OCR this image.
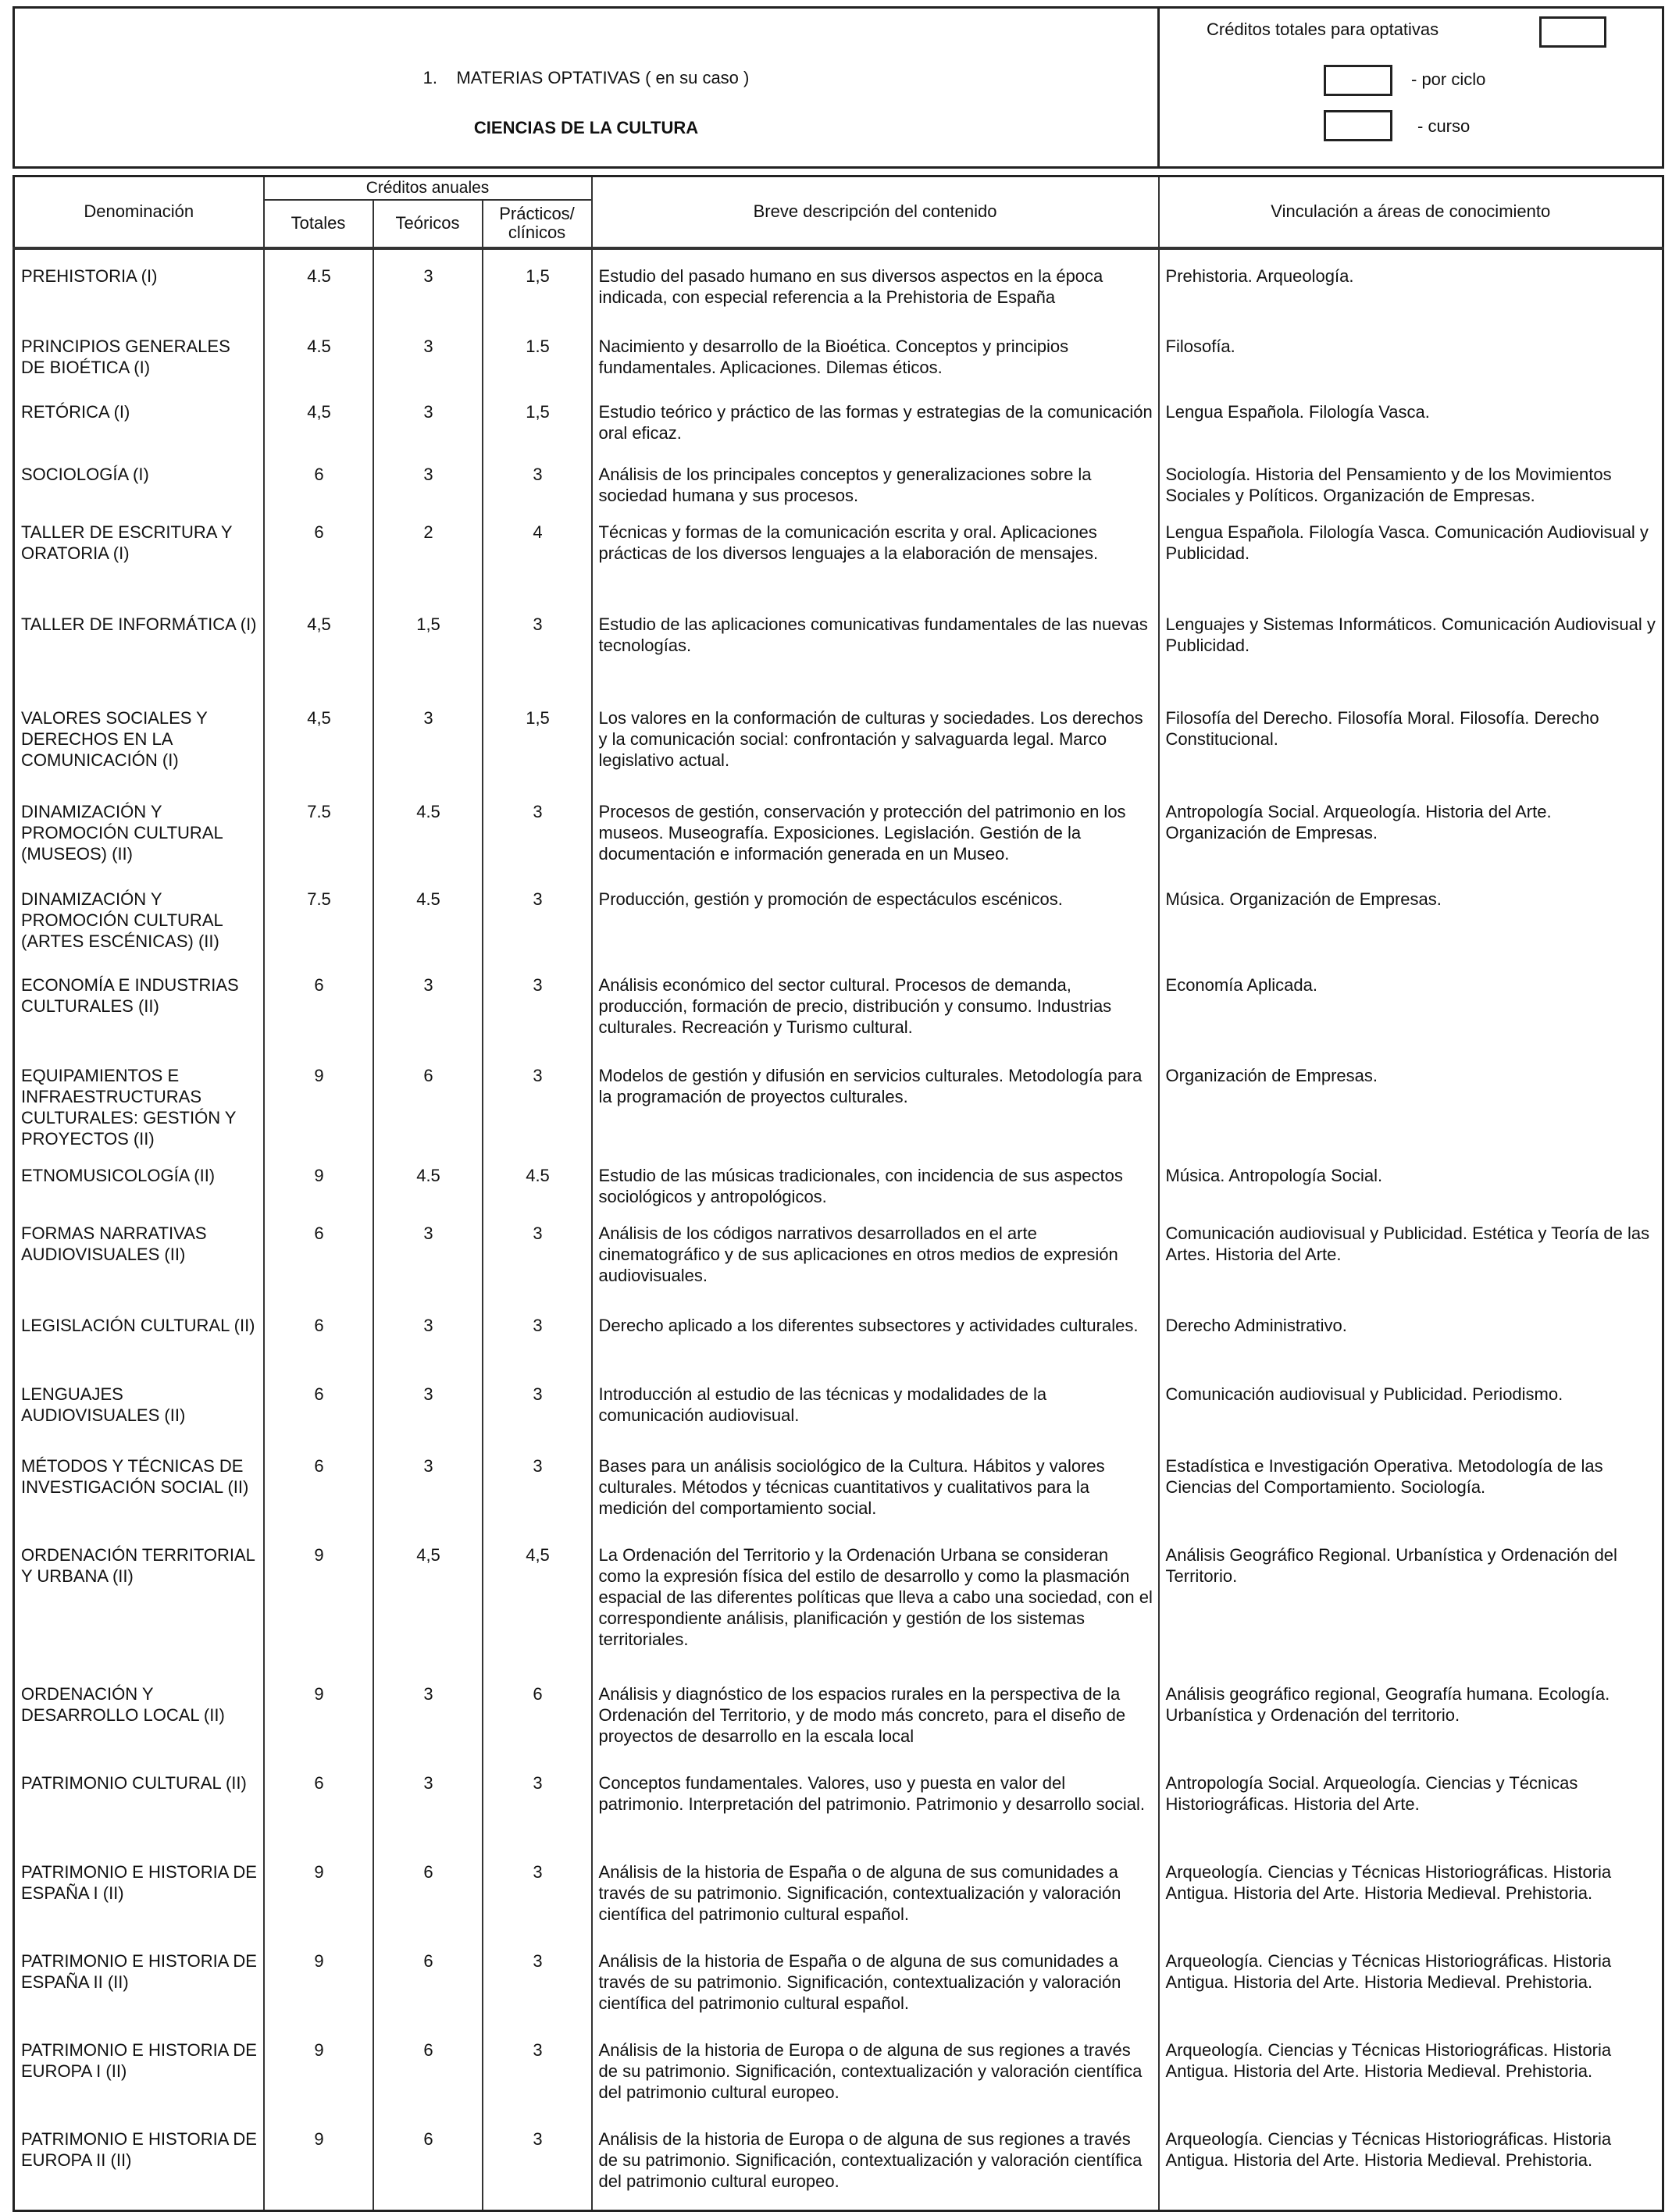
1. MATERIAS OPTATIVAS ( en su caso )
CIENCIAS DE LA CULTURA

Créditos totales para optativas
- por ciclo
- curso
Denominación	Créditos anuales			Breve descripción del contenido	Vinculación a áreas de conocimiento
	Totales	Teóricos	Prácticos/ clínicos		
PREHISTORIA (I)	4.5	3	1,5	Estudio del pasado humano en sus diversos aspectos en la época indicada, con especial referencia a la Prehistoria de España	Prehistoria. Arqueología.
PRINCIPIOS GENERALES DE BIOÉTICA (I)	4.5	3	1.5	Nacimiento y desarrollo de la Bioética. Conceptos y principios fundamentales. Aplicaciones. Dilemas éticos.	Filosofía.
RETÓRICA (I)	4,5	3	1,5	Estudio teórico y práctico de las formas y estrategias de la comunicación oral eficaz.	Lengua Española. Filología Vasca.
SOCIOLOGÍA (I)	6	3	3	Análisis de los principales conceptos y generalizaciones sobre la sociedad humana y sus procesos.	Sociología. Historia del Pensamiento y de los Movimientos Sociales y Políticos. Organización de Empresas.
TALLER DE ESCRITURA Y ORATORIA (I)	6	2	4	Técnicas y formas de la comunicación escrita y oral. Aplicaciones prácticas de los diversos lenguajes a la elaboración de mensajes.	Lengua Española. Filología Vasca. Comunicación Audiovisual y Publicidad.
TALLER DE INFORMÁTICA (I)	4,5	1,5	3	Estudio de las aplicaciones comunicativas fundamentales de las nuevas tecnologías.	Lenguajes y Sistemas Informáticos. Comunicación Audiovisual y Publicidad.
VALORES SOCIALES Y DERECHOS EN LA COMUNICACIÓN (I)	4,5	3	1,5	Los valores en la conformación de culturas y sociedades. Los derechos y la comunicación social: confrontación y salvaguarda legal. Marco legislativo actual.	Filosofía del Derecho. Filosofía Moral. Filosofía. Derecho Constitucional.
DINAMIZACIÓN Y PROMOCIÓN CULTURAL (MUSEOS) (II)	7.5	4.5	3	Procesos de gestión, conservación y protección del patrimonio en los museos. Museografía. Exposiciones. Legislación. Gestión de la documentación e información generada en un Museo.	Antropología Social. Arqueología. Historia del Arte. Organización de Empresas.
DINAMIZACIÓN Y PROMOCIÓN CULTURAL (ARTES ESCÉNICAS) (II)	7.5	4.5	3	Producción, gestión y promoción de espectáculos escénicos.	Música. Organización de Empresas.
ECONOMÍA E INDUSTRIAS CULTURALES (II)	6	3	3	Análisis económico del sector cultural. Procesos de demanda, producción, formación de precio, distribución y consumo. Industrias culturales. Recreación y Turismo cultural.	Economía Aplicada.
EQUIPAMIENTOS E INFRAESTRUCTURAS CULTURALES: GESTIÓN Y PROYECTOS (II)	9	6	3	Modelos de gestión y difusión en servicios culturales. Metodología para la programación de proyectos culturales.	Organización de Empresas.
ETNOMUSICOLOGÍA (II)	9	4.5	4.5	Estudio de las músicas tradicionales, con incidencia de sus aspectos sociológicos y antropológicos.	Música. Antropología Social.
FORMAS NARRATIVAS AUDIOVISUALES (II)	6	3	3	Análisis de los códigos narrativos desarrollados en el arte cinematográfico y de sus aplicaciones en otros medios de expresión audiovisuales.	Comunicación audiovisual y Publicidad. Estética y Teoría de las Artes. Historia del Arte.
LEGISLACIÓN CULTURAL (II)	6	3	3	Derecho aplicado a los diferentes subsectores y actividades culturales.	Derecho Administrativo.
LENGUAJES AUDIOVISUALES (II)	6	3	3	Introducción al estudio de las técnicas y modalidades de la comunicación audiovisual.	Comunicación audiovisual y Publicidad. Periodismo.
MÉTODOS Y TÉCNICAS DE INVESTIGACIÓN SOCIAL (II)	6	3	3	Bases para un análisis sociológico de la Cultura. Hábitos y valores culturales. Métodos y técnicas cuantitativos y cualitativos para la medición del comportamiento social.	Estadística e Investigación Operativa. Metodología de las Ciencias del Comportamiento. Sociología.
ORDENACIÓN TERRITORIAL Y URBANA (II)	9	4,5	4,5	La Ordenación del Territorio y la Ordenación Urbana se consideran como la expresión física del estilo de desarrollo y como la plasmación espacial de las diferentes políticas que lleva a cabo una sociedad, con el correspondiente análisis, planificación y gestión de los sistemas territoriales.	Análisis Geográfico Regional. Urbanística y Ordenación del Territorio.
ORDENACIÓN Y DESARROLLO LOCAL (II)	9	3	6	Análisis y diagnóstico de los espacios rurales en la perspectiva de la Ordenación del Territorio, y de modo más concreto, para el diseño de proyectos de desarrollo en la escala local	Análisis geográfico regional, Geografía humana. Ecología. Urbanística y Ordenación del territorio.
PATRIMONIO CULTURAL (II)	6	3	3	Conceptos fundamentales. Valores, uso y puesta en valor del patrimonio. Interpretación del patrimonio. Patrimonio y desarrollo social.	Antropología Social. Arqueología. Ciencias y Técnicas Historiográficas. Historia del Arte.
PATRIMONIO E HISTORIA DE ESPAÑA I (II)	9	6	3	Análisis de la historia de España o de alguna de sus comunidades a través de su patrimonio. Significación, contextualización y valoración científica del patrimonio cultural español.	Arqueología. Ciencias y Técnicas Historiográficas. Historia Antigua. Historia del Arte. Historia Medieval. Prehistoria.
PATRIMONIO E HISTORIA DE ESPAÑA II (II)	9	6	3	Análisis de la historia de España o de alguna de sus comunidades a través de su patrimonio. Significación, contextualización y valoración científica del patrimonio cultural español.	Arqueología. Ciencias y Técnicas Historiográficas. Historia Antigua. Historia del Arte. Historia Medieval. Prehistoria.
PATRIMONIO E HISTORIA DE EUROPA I (II)	9	6	3	Análisis de la historia de Europa o de alguna de sus regiones a través de su patrimonio. Significación, contextualización y valoración científica del patrimonio cultural europeo.	Arqueología. Ciencias y Técnicas Historiográficas. Historia Antigua. Historia del Arte. Historia Medieval. Prehistoria.
PATRIMONIO E HISTORIA DE EUROPA II (II)	9	6	3	Análisis de la historia de Europa o de alguna de sus regiones a través de su patrimonio. Significación, contextualización y valoración científica del patrimonio cultural europeo.	Arqueología. Ciencias y Técnicas Historiográficas. Historia Antigua. Historia del Arte. Historia Medieval. Prehistoria.
